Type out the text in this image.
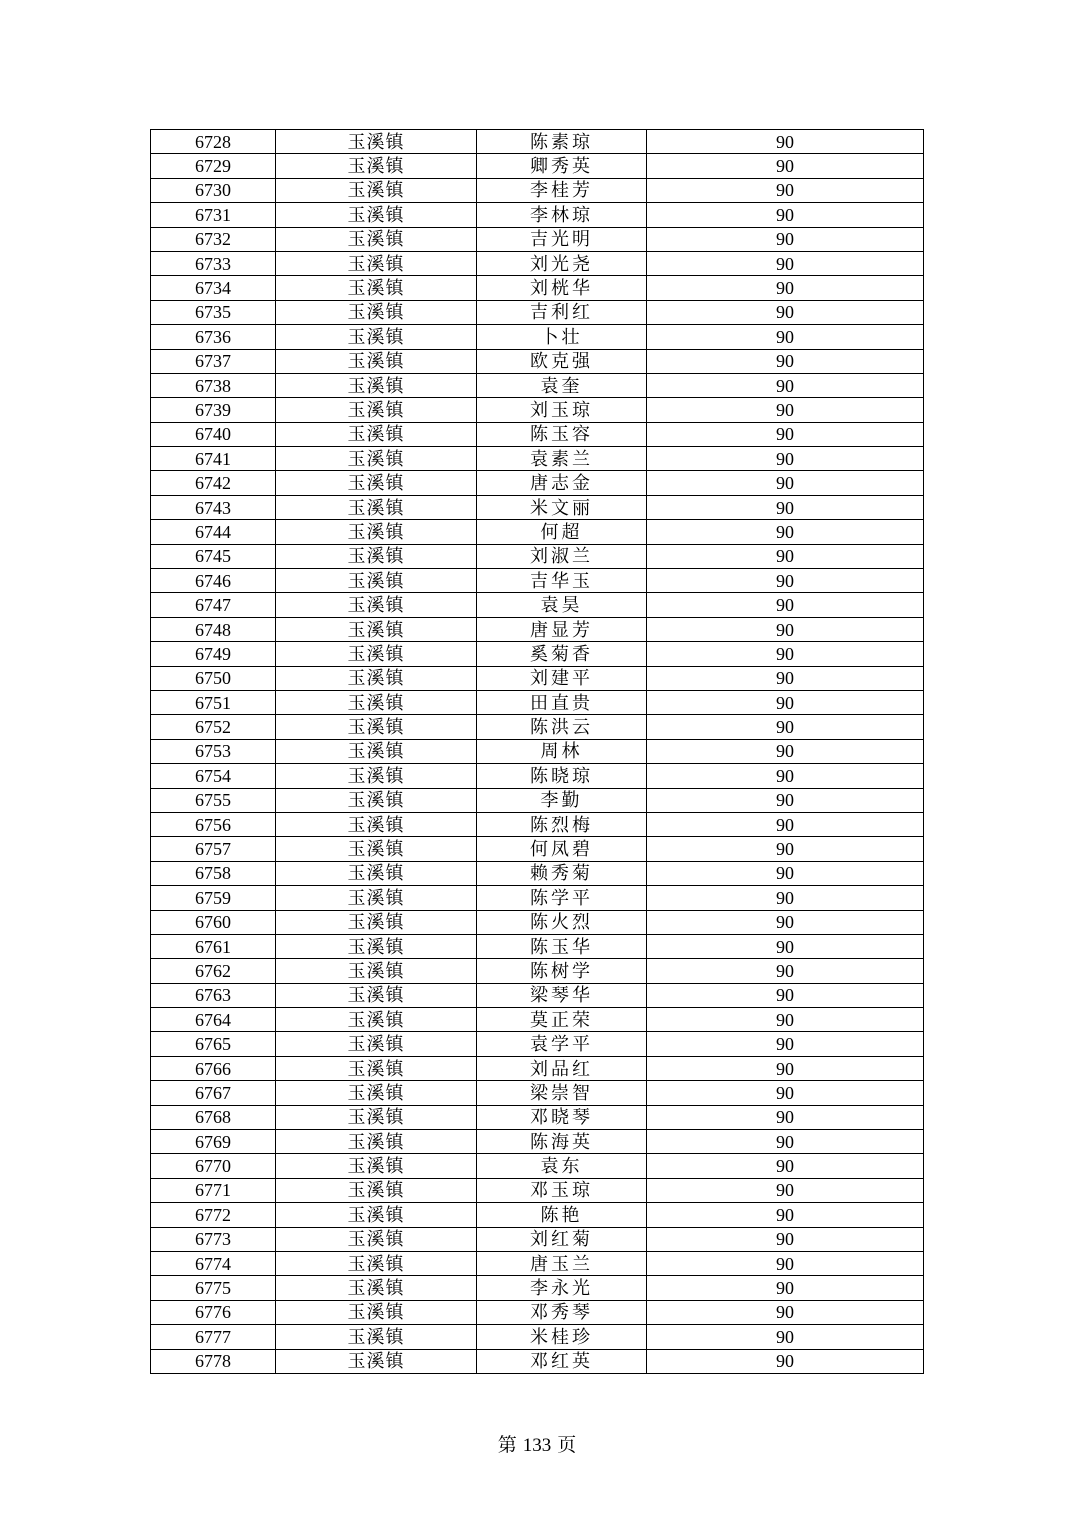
6728	玉溪镇	陈素琼	90
6729	玉溪镇	卿秀英	90
6730	玉溪镇	李桂芳	90
6731	玉溪镇	李林琼	90
6732	玉溪镇	吉光明	90
6733	玉溪镇	刘光尧	90
6734	玉溪镇	刘桄华	90
6735	玉溪镇	吉利红	90
6736	玉溪镇	卜壮	90
6737	玉溪镇	欧克强	90
6738	玉溪镇	袁奎	90
6739	玉溪镇	刘玉琼	90
6740	玉溪镇	陈玉容	90
6741	玉溪镇	袁素兰	90
6742	玉溪镇	唐志金	90
6743	玉溪镇	米文丽	90
6744	玉溪镇	何超	90
6745	玉溪镇	刘淑兰	90
6746	玉溪镇	吉华玉	90
6747	玉溪镇	袁昊	90
6748	玉溪镇	唐显芳	90
6749	玉溪镇	奚菊香	90
6750	玉溪镇	刘建平	90
6751	玉溪镇	田直贵	90
6752	玉溪镇	陈洪云	90
6753	玉溪镇	周林	90
6754	玉溪镇	陈晓琼	90
6755	玉溪镇	李勤	90
6756	玉溪镇	陈烈梅	90
6757	玉溪镇	何凤碧	90
6758	玉溪镇	赖秀菊	90
6759	玉溪镇	陈学平	90
6760	玉溪镇	陈火烈	90
6761	玉溪镇	陈玉华	90
6762	玉溪镇	陈树学	90
6763	玉溪镇	梁琴华	90
6764	玉溪镇	莫正荣	90
6765	玉溪镇	袁学平	90
6766	玉溪镇	刘品红	90
6767	玉溪镇	梁崇智	90
6768	玉溪镇	邓晓琴	90
6769	玉溪镇	陈海英	90
6770	玉溪镇	袁东	90
6771	玉溪镇	邓玉琼	90
6772	玉溪镇	陈艳	90
6773	玉溪镇	刘红菊	90
6774	玉溪镇	唐玉兰	90
6775	玉溪镇	李永光	90
6776	玉溪镇	邓秀琴	90
6777	玉溪镇	米桂珍	90
6778	玉溪镇	邓红英	90
第 133 页
